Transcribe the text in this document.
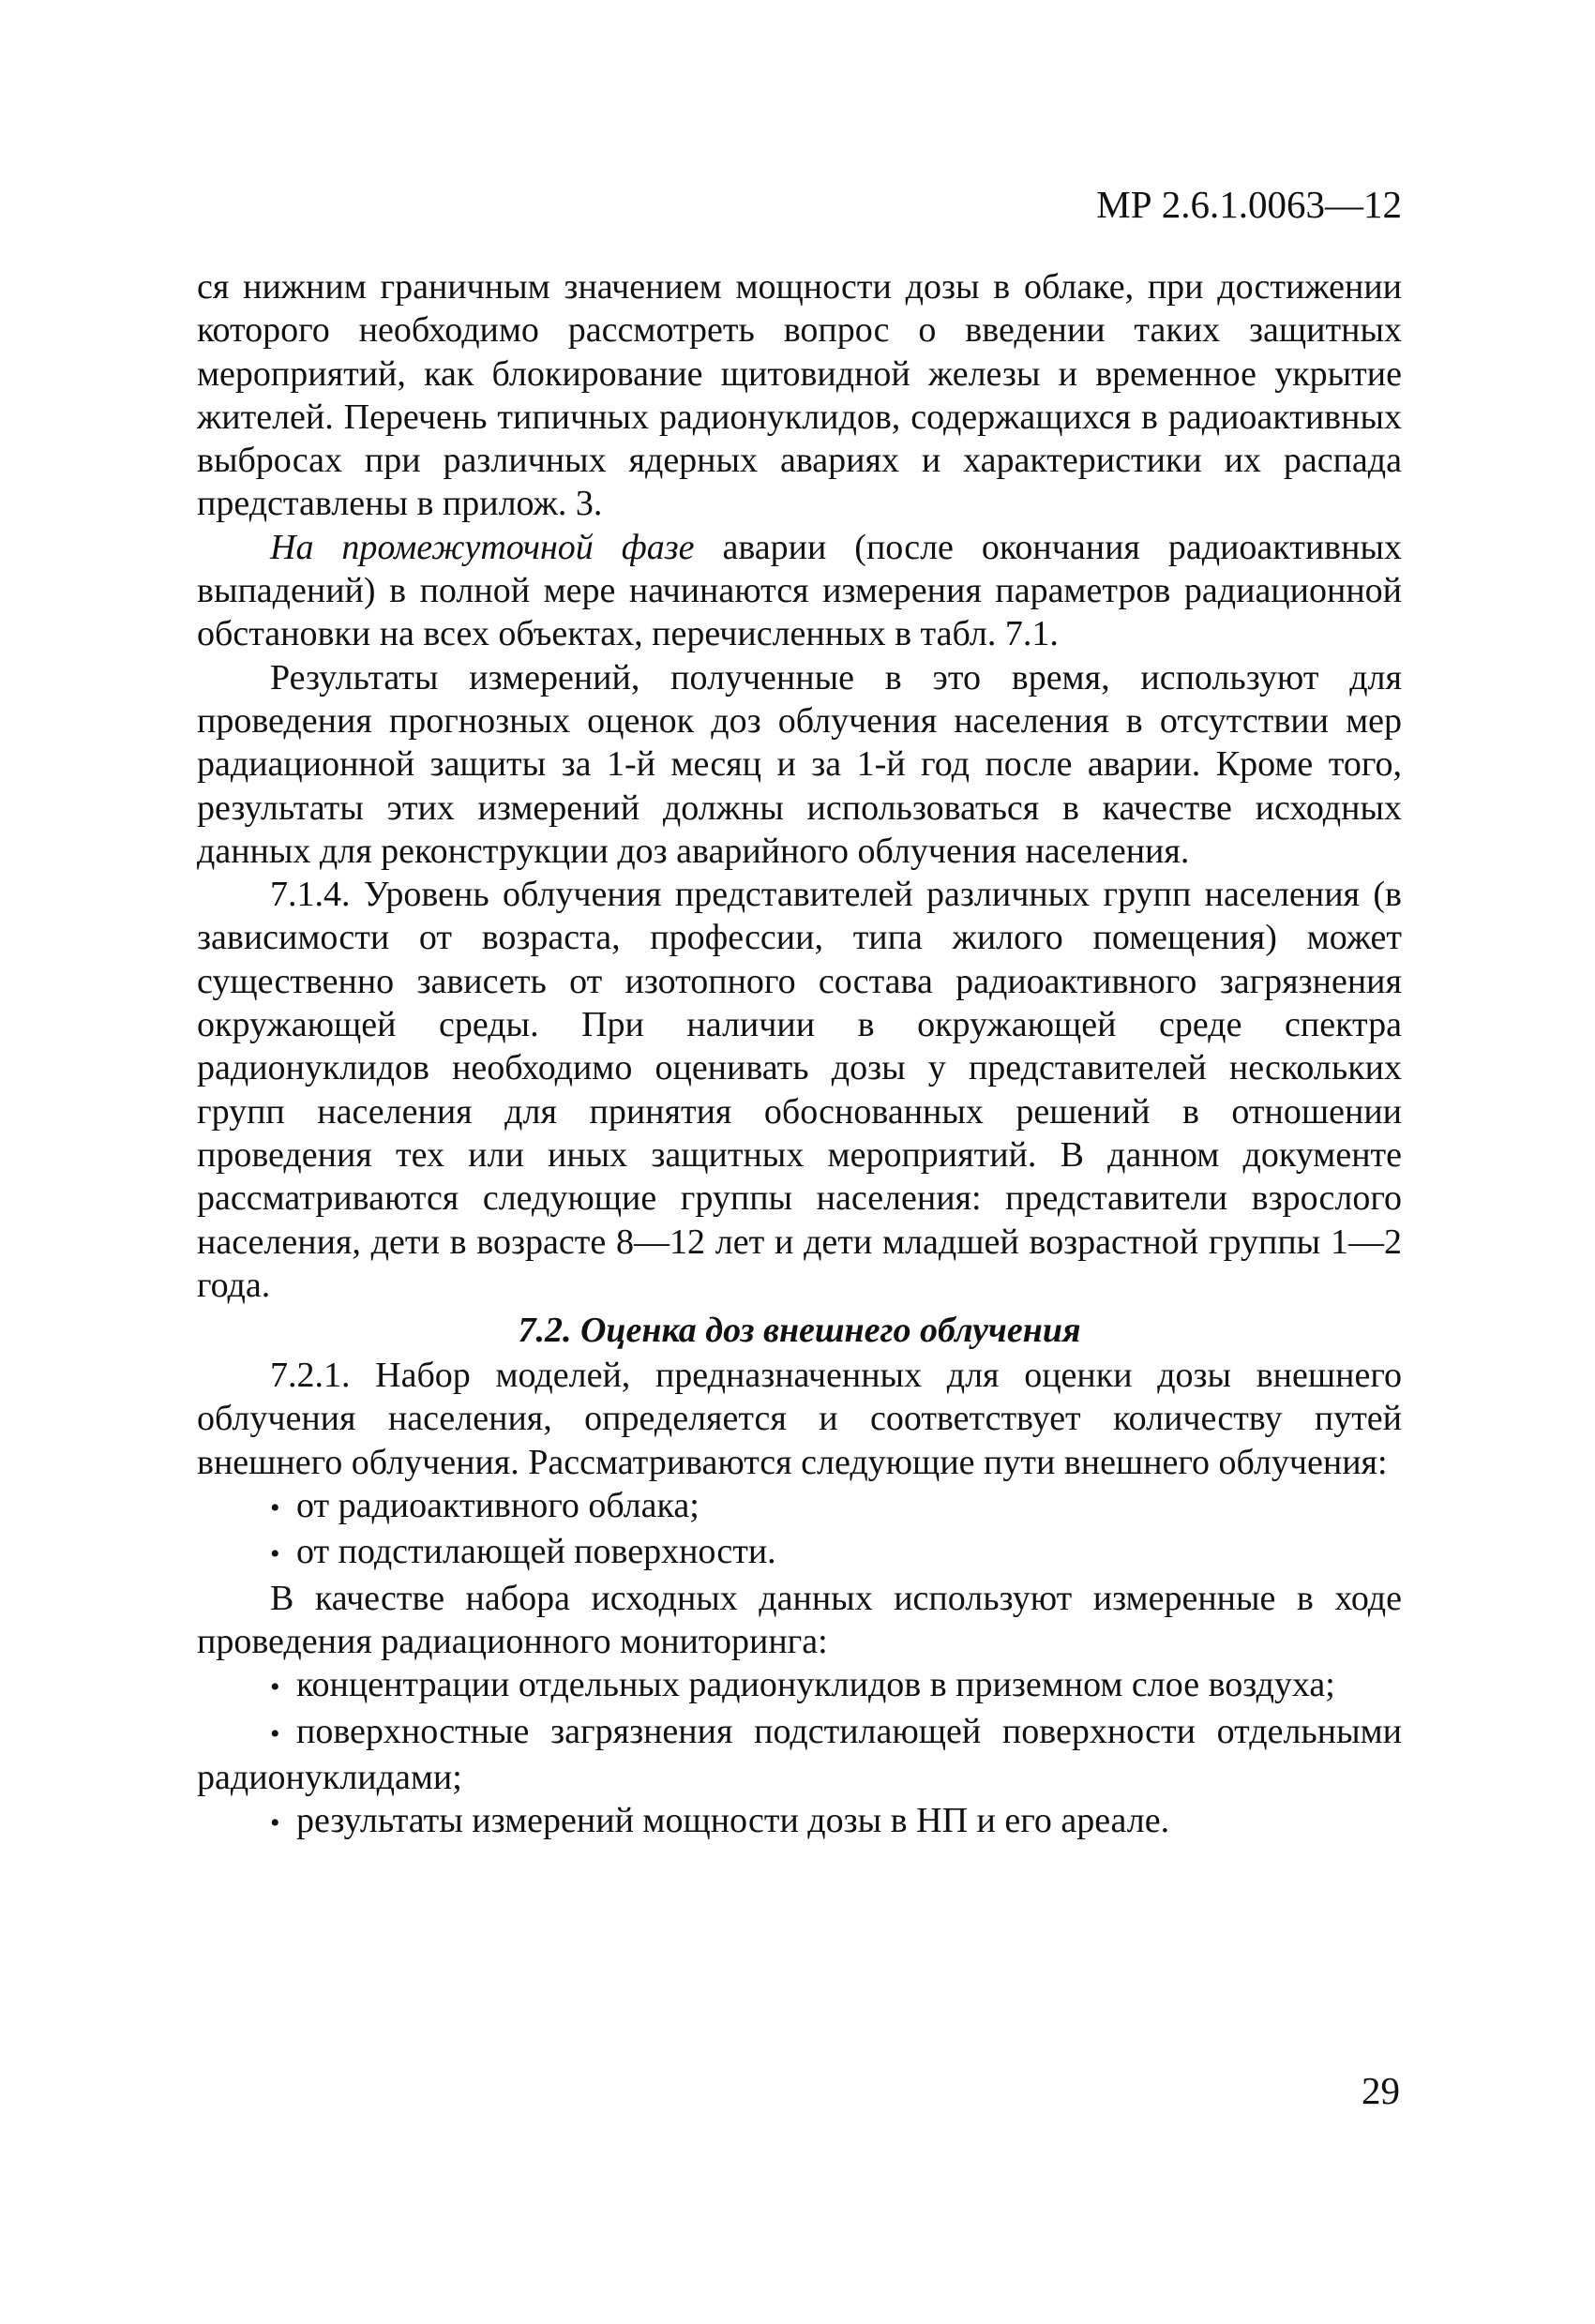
МР 2.6.1.0063—12

ся нижним граничным значением мощности дозы в облаке, при достижении которого необходимо рассмотреть вопрос о введении таких защитных мероприятий, как блокирование щитовидной железы и временное укрытие жителей. Перечень типичных радионуклидов, содержащихся в радиоактивных выбросах при различных ядерных авариях и характеристики их распада представлены в прилож. 3.

На промежуточной фазе аварии (после окончания радиоактивных выпадений) в полной мере начинаются измерения параметров радиационной обстановки на всех объектах, перечисленных в табл. 7.1.

Результаты измерений, полученные в это время, используют для проведения прогнозных оценок доз облучения населения в отсутствии мер радиационной защиты за 1-й месяц и за 1-й год после аварии. Кроме того, результаты этих измерений должны использоваться в качестве исходных данных для реконструкции доз аварийного облучения населения.

7.1.4. Уровень облучения представителей различных групп населения (в зависимости от возраста, профессии, типа жилого помещения) может существенно зависеть от изотопного состава радиоактивного загрязнения окружающей среды. При наличии в окружающей среде спектра радионуклидов необходимо оценивать дозы у представителей нескольких групп населения для принятия обоснованных решений в отношении проведения тех или иных защитных мероприятий. В данном документе рассматриваются следующие группы населения: представители взрослого населения, дети в возрасте 8—12 лет и дети младшей возрастной группы 1—2 года.

7.2. Оценка доз внешнего облучения

7.2.1. Набор моделей, предназначенных для оценки дозы внешнего облучения населения, определяется и соответствует количеству путей внешнего облучения. Рассматриваются следующие пути внешнего облучения:

• от радиоактивного облака;
• от подстилающей поверхности.

В качестве набора исходных данных используют измеренные в ходе проведения радиационного мониторинга:

• концентрации отдельных радионуклидов в приземном слое воздуха;
• поверхностные загрязнения подстилающей поверхности отдельными радионуклидами;
• результаты измерений мощности дозы в НП и его ареале.
29
